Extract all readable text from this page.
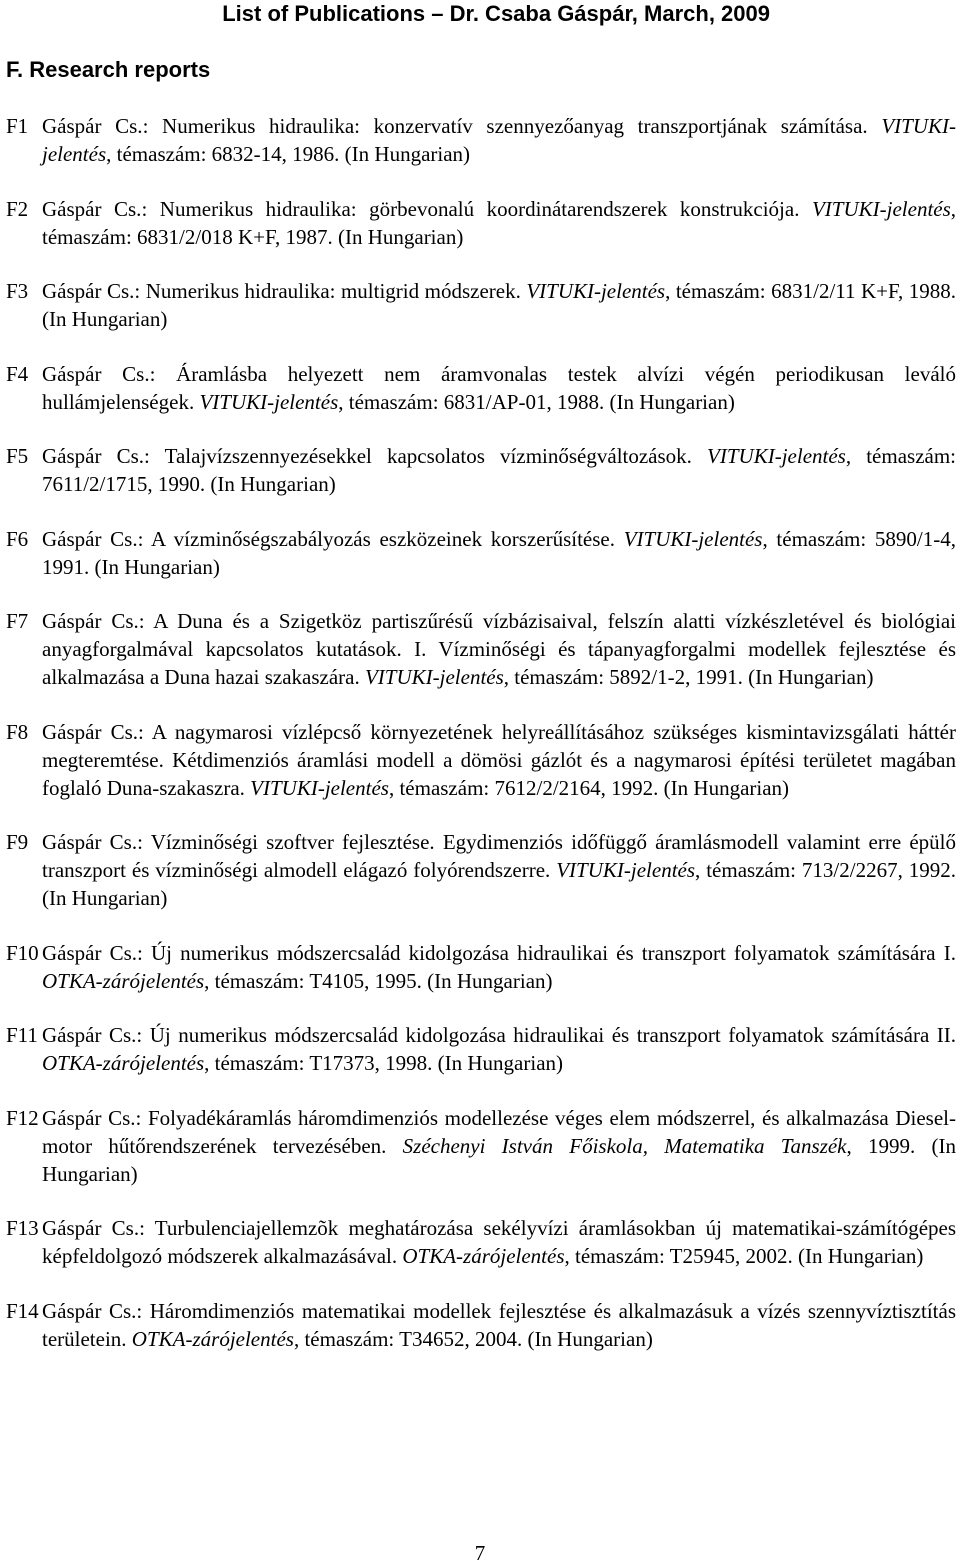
List of Publications – Dr. Csaba Gáspár, March, 2009
F. Research reports
F1 Gáspár Cs.: Numerikus hidraulika: konzervatív szennyezőanyag transzportjának számítása. VITUKI-jelentés, témaszám: 6832-14, 1986. (In Hungarian)
F2 Gáspár Cs.: Numerikus hidraulika: görbevonalú koordinátarendszerek konstrukciója. VITUKI-jelentés, témaszám: 6831/2/018 K+F, 1987. (In Hungarian)
F3 Gáspár Cs.: Numerikus hidraulika: multigrid módszerek. VITUKI-jelentés, témaszám: 6831/2/11 K+F, 1988. (In Hungarian)
F4 Gáspár Cs.: Áramlásba helyezett nem áramvonalas testek alvízi végén periodikusan leváló hullámjelenségek. VITUKI-jelentés, témaszám: 6831/AP-01, 1988. (In Hungarian)
F5 Gáspár Cs.: Talajvízszennyezésekkel kapcsolatos vízminőségváltozások. VITUKI-jelentés, témaszám: 7611/2/1715, 1990. (In Hungarian)
F6 Gáspár Cs.: A vízminőségszabályozás eszközeinek korszerűsítése. VITUKI-jelentés, témaszám: 5890/1-4, 1991. (In Hungarian)
F7 Gáspár Cs.: A Duna és a Szigetköz partiszűrésű vízbázisaival, felszín alatti vízkészletével és biológiai anyagforgalmával kapcsolatos kutatások. I. Vízminőségi és tápanyagforgalmi modellek fejlesztése és alkalmazása a Duna hazai szakaszára. VITUKI-jelentés, témaszám: 5892/1-2, 1991. (In Hungarian)
F8 Gáspár Cs.: A nagymarosi vízlépcső környezetének helyreállításához szükséges kismintavizsgálati háttér megteremtése. Kétdimenziós áramlási modell a dömösi gázlót és a nagymarosi építési területet magában foglaló Duna-szakaszra. VITUKI-jelentés, témaszám: 7612/2/2164, 1992. (In Hungarian)
F9 Gáspár Cs.: Vízminőségi szoftver fejlesztése. Egydimenziós időfüggő áramlásmodell valamint erre épülő transzport és vízminőségi almodell elágazó folyórendszerre. VITUKI-jelentés, témaszám: 713/2/2267, 1992. (In Hungarian)
F10 Gáspár Cs.: Új numerikus módszercsalád kidolgozása hidraulikai és transzport folyamatok számítására I. OTKA-zárójelentés, témaszám: T4105, 1995. (In Hungarian)
F11 Gáspár Cs.: Új numerikus módszercsalád kidolgozása hidraulikai és transzport folyamatok számítására II. OTKA-zárójelentés, témaszám: T17373, 1998. (In Hungarian)
F12 Gáspár Cs.: Folyadékáramlás háromdimenziós modellezése véges elem módszerrel, és alkalmazása Diesel-motor hűtőrendszerének tervezésében. Széchenyi István Főiskola, Matematika Tanszék, 1999. (In Hungarian)
F13 Gáspár Cs.: Turbulenciajellemzõk meghatározása sekélyvízi áramlásokban új matematikai-számítógépes képfeldolgozó módszerek alkalmazásával. OTKA-zárójelentés, témaszám: T25945, 2002. (In Hungarian)
F14 Gáspár Cs.: Háromdimenziós matematikai modellek fejlesztése és alkalmazásuk a vízés szennyvíztisztítás területein. OTKA-zárójelentés, témaszám: T34652, 2004. (In Hungarian)
7
